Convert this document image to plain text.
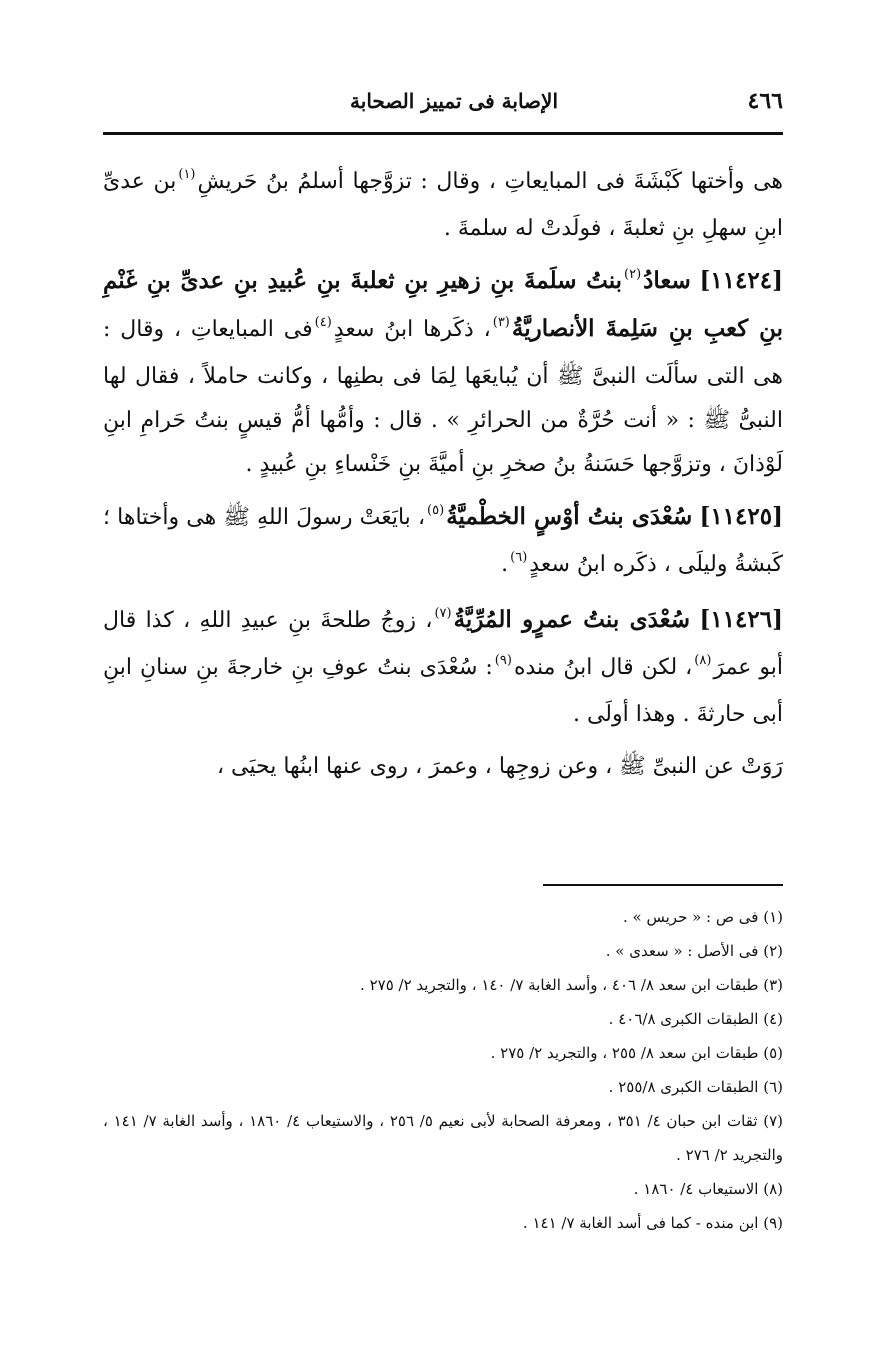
٤٦٦
الإصابة فى تمييز الصحابة

هى وأختها كَبْشَةَ فى المبايعاتِ ، وقال : تزوَّجها أسلمُ بنُ حَريشِ$^{(١)}$بن عدىِّ ابنِ سهلِ بنِ ثعلبةَ ، فولَدتْ له سلمةَ .

[١١٤٢٤] سعادُ$^{(٢)}$بنتُ سلَمةَ بنِ زهيرِ بنِ ثعلبةَ بنِ عُبيدِ بنِ عدىِّ بنِ غَنْمِ بنِ كعبِ بنِ سَلِمةَ الأنصاريَّةُ$^{(٣)}$، ذكَرها ابنُ سعدٍ$^{(٤)}$فى المبايعاتِ ، وقال : هى التى سألَت النبىَّ ﷺ أن يُبايعَها لِمَا فى بطنِها ، وكانت حاملاً ، فقال لها النبىُّ ﷺ : « أنت حُرَّةٌ من الحرائرِ » . قال : وأمُّها أمُّ قيسٍ بنتُ حَرامِ ابنِ لَوْذانَ ، وتزوَّجها حَسَنةُ بنُ صخرِ بنِ أميَّةَ بنِ خَنْساءِ بنِ عُبيدٍ .

[١١٤٢٥] سُعْدَى بنتُ أوْسٍ الخطْميَّةُ$^{(٥)}$، بايَعَتْ رسولَ اللهِ ﷺ هى وأختاها ؛ كَبشةُ وليلَى ، ذكَره ابنُ سعدٍ$^{(٦)}$.

[١١٤٢٦] سُعْدَى بنتُ عمرٍو المُرِّيَّةُ$^{(٧)}$، زوجُ طلحةَ بنِ عبيدِ اللهِ ، كذا قال أبو عمرَ$^{(٨)}$، لكن قال ابنُ منده$^{(٩)}$: سُعْدَى بنتُ عوفِ بنِ خارجةَ بنِ سنانِ ابنِ أبى حارثةَ . وهذا أولَى .

رَوَتْ عن النبىِّ ﷺ ، وعن زوجِها ، وعمرَ ، روى عنها ابنُها يحيَى ،

(١) فى ص : « حريس » .
(٢) فى الأصل : « سعدى » .
(٣) طبقات ابن سعد ٨/ ٤٠٦ ، وأسد الغابة ٧/ ١٤٠ ، والتجريد ٢/ ٢٧٥ .
(٤) الطبقات الكبرى ٤٠٦/٨ .
(٥) طبقات ابن سعد ٨/ ٢٥٥ ، والتجريد ٢/ ٢٧٥ .
(٦) الطبقات الكبرى ٢٥٥/٨ .
(٧) ثقات ابن حبان ٤/ ٣٥١ ، ومعرفة الصحابة لأبى نعيم ٥/ ٢٥٦ ، والاستيعاب ٤/ ١٨٦٠ ، وأسد الغابة ٧/ ١٤١ ، والتجريد ٢/ ٢٧٦ .
(٨) الاستيعاب ٤/ ١٨٦٠ .
(٩) ابن منده - كما فى أسد الغابة ٧/ ١٤١ .
